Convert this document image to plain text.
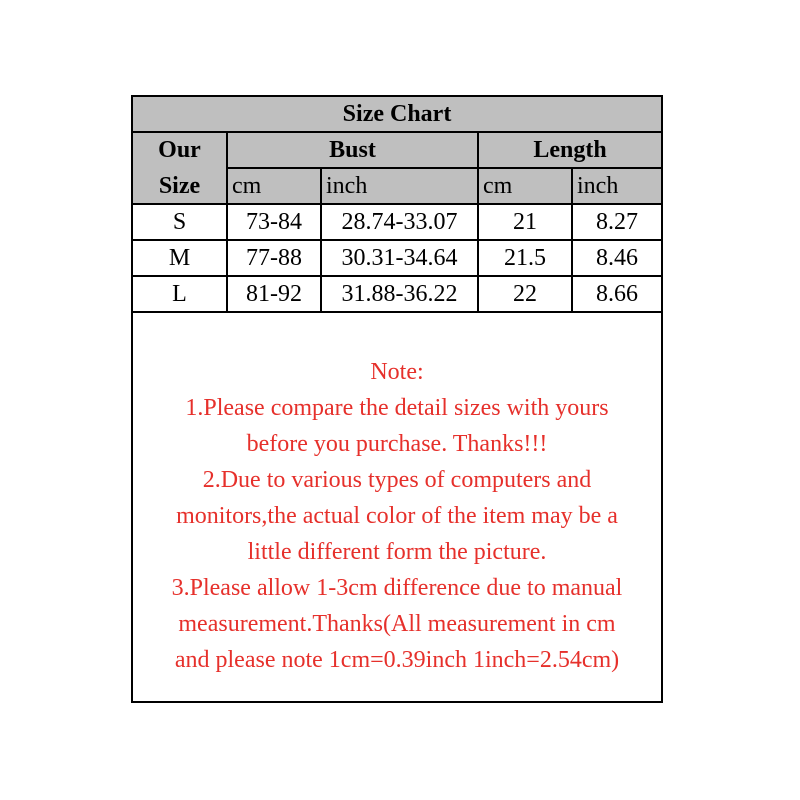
Size Chart
Our
Size
Bust	Length
cm	inch	cm	inch
S	73-84	28.74-33.07	21	8.27
M	77-88	30.31-34.64	21.5	8.46
L	81-92	31.88-36.22	22	8.66
Note:
1.Please compare the detail sizes with yours
before you purchase. Thanks!!!
2.Due to various types of computers and
monitors,the actual color of the item may be a
little different form the picture.
3.Please allow 1-3cm difference due to manual
measurement.Thanks(All measurement in cm
and please note 1cm=0.39inch 1inch=2.54cm)
